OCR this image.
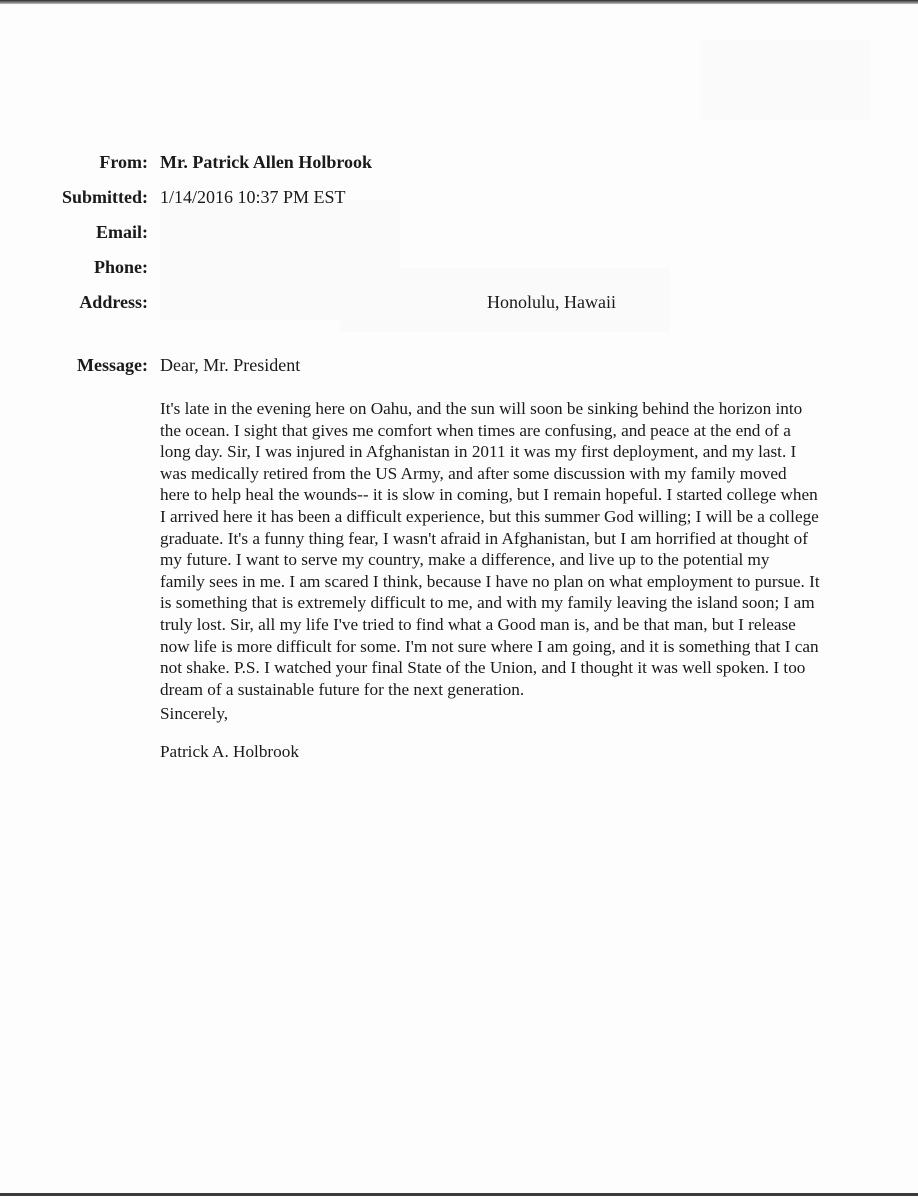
From: Mr. Patrick Allen Holbrook
Submitted: 1/14/2016 10:37 PM EST
Email:
Phone:
Address:	Honolulu, Hawaii
Message: Dear, Mr. President
It's late in the evening here on Oahu, and the sun will soon be sinking behind the horizon into
the ocean. I sight that gives me comfort when times are confusing, and peace at the end of a
long day. Sir, I was injured in Afghanistan in 2011 it was my first deployment, and my last. I
was medically retired from the US Army, and after some discussion with my family moved
here to help heal the wounds-- it is slow in coming, but I remain hopeful. I started college when
I arrived here it has been a difficult experience, but this summer God willing; I will be a college
graduate. It's a funny thing fear, I wasn't afraid in Afghanistan, but I am horrified at thought of
my future. I want to serve my country, make a difference, and live up to the potential my
family sees in me. I am scared I think, because I have no plan on what employment to pursue. It
is something that is extremely difficult to me, and with my family leaving the island soon; I am
truly lost. Sir, all my life I've tried to find what a Good man is, and be that man, but I release
now life is more difficult for some. I'm not sure where I am going, and it is something that I can
not shake. P.S. I watched your final State of the Union, and I thought it was well spoken. I too
dream of a sustainable future for the next generation.
Sincerely,
Patrick A. Holbrook
